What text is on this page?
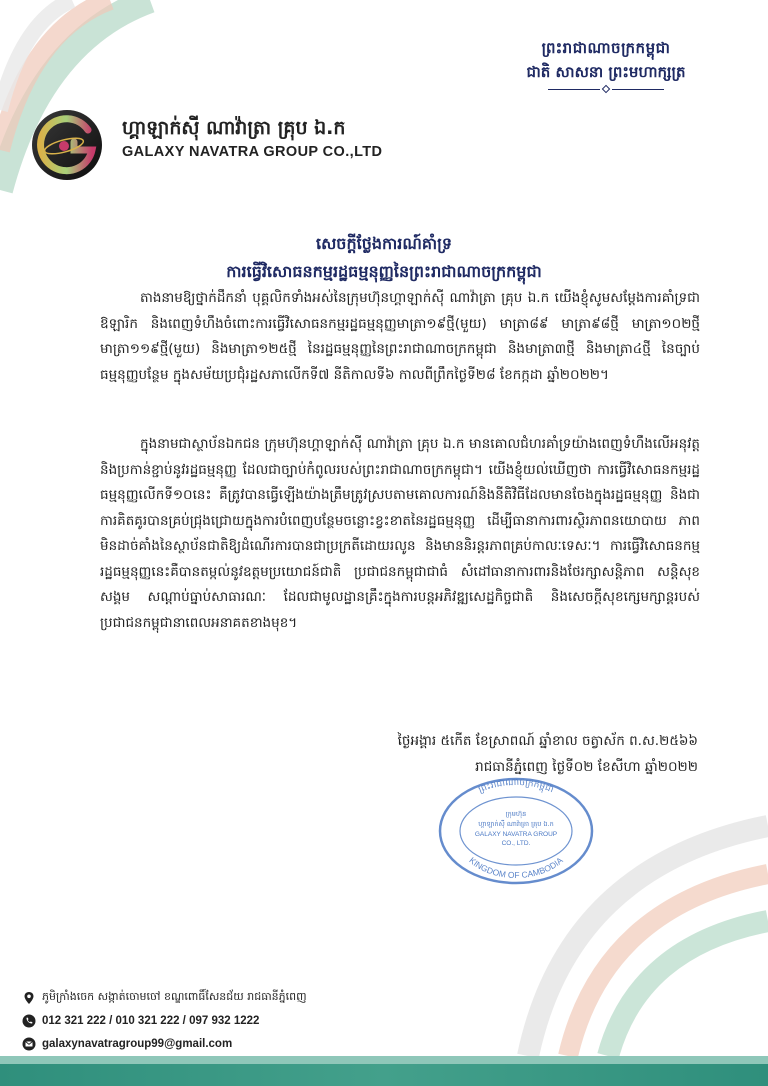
ព្រះរាជាណាចក្រកម្ពុជា
ជាតិ សាសនា ព្រះមហាក្សត្រ
ហ្គាឡាក់ស៊ី ណាវ៉ាត្រា គ្រុប ឯ.ក
GALAXY NAVATRA GROUP CO.,LTD
សេចក្តីថ្លែងការណ៍គាំទ្រ
ការធ្វើវិសោធនកម្មរដ្ឋធម្មនុញ្ញនៃព្រះរាជាណាចក្រកម្ពុជា

តាងនាមឱ្យថ្នាក់ដឹកនាំ បុគ្គលិកទាំងអស់នៃក្រុមហ៊ុនហ្គាឡាក់ស៊ី ណាវ៉ាត្រា គ្រុប ឯ.ក យើងខ្ញុំសូមសម្តែងការគាំទ្រជាឱឡារិក និងពេញទំហឹងចំពោះការធ្វើវិសោធនកម្មរដ្ឋធម្មនុញ្ញមាត្រា១៩ថ្មី(មួយ) មាត្រា៨៩ មាត្រា៩៨ថ្មី មាត្រា១០២ថ្មី មាត្រា១១៩ថ្មី(មួយ) និងមាត្រា១២៥ថ្មី នៃរដ្ឋធម្មនុញ្ញនៃព្រះរាជាណាចក្រកម្ពុជា និងមាត្រា៣ថ្មី និងមាត្រា៤ថ្មី នៃច្បាប់ធម្មនុញ្ញបន្ថែម ក្នុងសម័យប្រជុំរដ្ឋសភាលើកទី៧ នីតិកាលទី៦ កាលពីព្រឹកថ្ងៃទី២៨ ខែកក្កដា ឆ្នាំ២០២២។

ក្នុងនាមជាស្ថាប័នឯកជន ក្រុមហ៊ុនហ្គាឡាក់ស៊ី ណាវ៉ាត្រា គ្រុប ឯ.ក មានគោលជំហរគាំទ្រយ៉ាងពេញទំហឹងលើអនុវត្ត និងប្រកាន់ខ្ជាប់នូវរដ្ឋធម្មនុញ្ញ ដែលជាច្បាប់កំពូលរបស់ព្រះរាជាណាចក្រកម្ពុជា។ យើងខ្ញុំយល់ឃើញថា ការធ្វើវិសោធនកម្មរដ្ឋធម្មនុញ្ញលើកទី១០នេះ គឺត្រូវបានធ្វើឡើងយ៉ាងត្រឹមត្រូវស្របតាមគោលការណ៍និងនីតិវិធីដែលមានចែងក្នុងរដ្ឋធម្មនុញ្ញ និងជាការគិតគូរបានគ្រប់ជ្រុងជ្រោយក្នុងការបំពេញបន្ថែមចន្លោះខ្វះខាតនៃរដ្ឋធម្មនុញ្ញ ដើម្បីធានាការពារស្ថិរភាពនយោបាយ ភាពមិនដាច់គាំងនៃស្ថាប័នជាតិឱ្យដំណើរការបានជាប្រក្រតីដោយរលូន និងមាននិរន្តរភាពគ្រប់កាលៈទេសៈ។ ការធ្វើវិសោធនកម្មរដ្ឋធម្មនុញ្ញនេះគឺបានតម្កល់នូវឧត្តមប្រយោជន៍ជាតិ ប្រជាជនកម្ពុជាជាធំ សំដៅធានាការពារនិងថែរក្សាសន្តិភាព សន្តិសុខសង្គម សណ្តាប់ធ្នាប់សាធារណៈ ដែលជាមូលដ្ឋានគ្រឹះក្នុងការបន្តអភិវឌ្ឍសេដ្ឋកិច្ចជាតិ និងសេចក្តីសុខក្សេមក្សាន្តរបស់ប្រជាជនកម្ពុជានាពេលអនាគតខាងមុខ។

ថ្ងៃអង្គារ ៥កើត ខែស្រាពណ៍ ឆ្នាំខាល ចត្វាស័ក ព.ស.២៥៦៦
រាជធានីភ្នំពេញ ថ្ងៃទី០២ ខែសីហា ឆ្នាំ២០២២
ព្រះរាជាណាចក្រកម្ពុជា
KINGDOM OF CAMBODIA
ក្រុមហ៊ុន
ហ្គាឡាក់ស៊ី ណាវ៉ាត្រា គ្រុប ឯ.ក
GALAXY NAVATRA GROUP
CO., LTD.
ភូមិក្រាំងចេក សង្កាត់ចោមចៅ ខណ្ឌពោធិ៍សែនជ័យ រាជធានីភ្នំពេញ
012 321 222 / 010 321 222 / 097 932 1222
galaxynavatragroup99@gmail.com
